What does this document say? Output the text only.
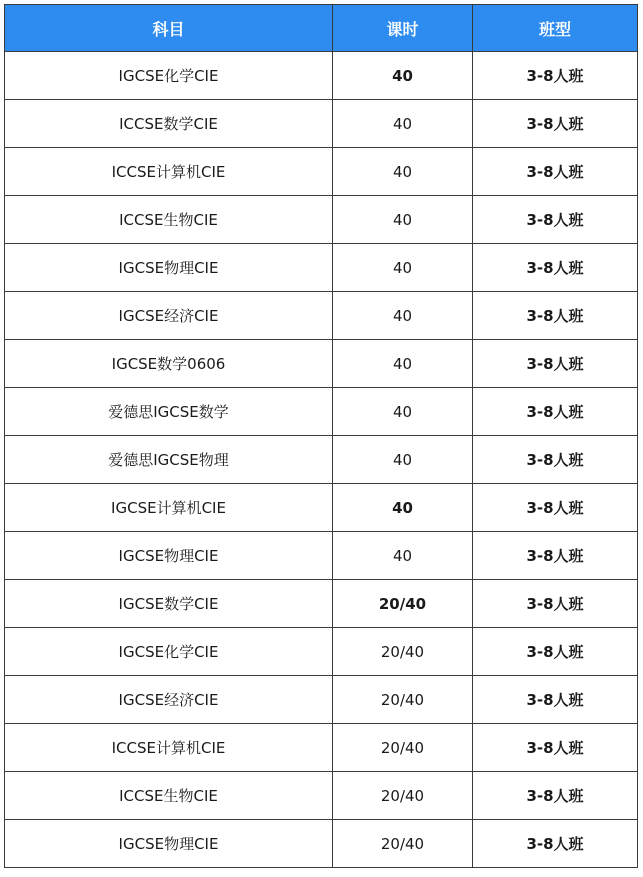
科目	课时	班型
IGCSE化学CIE	40	3-8人班
ICCSE数学CIE	40	3-8人班
ICCSE计算机CIE	40	3-8人班
ICCSE生物CIE	40	3-8人班
IGCSE物理CIE	40	3-8人班
IGCSE经济CIE	40	3-8人班
IGCSE数学0606	40	3-8人班
爱德思IGCSE数学	40	3-8人班
爱德思IGCSE物理	40	3-8人班
IGCSE计算机CIE	40	3-8人班
IGCSE物理CIE	40	3-8人班
IGCSE数学CIE	20/40	3-8人班
IGCSE化学CIE	20/40	3-8人班
IGCSE经济CIE	20/40	3-8人班
ICCSE计算机CIE	20/40	3-8人班
ICCSE生物CIE	20/40	3-8人班
IGCSE物理CIE	20/40	3-8人班
